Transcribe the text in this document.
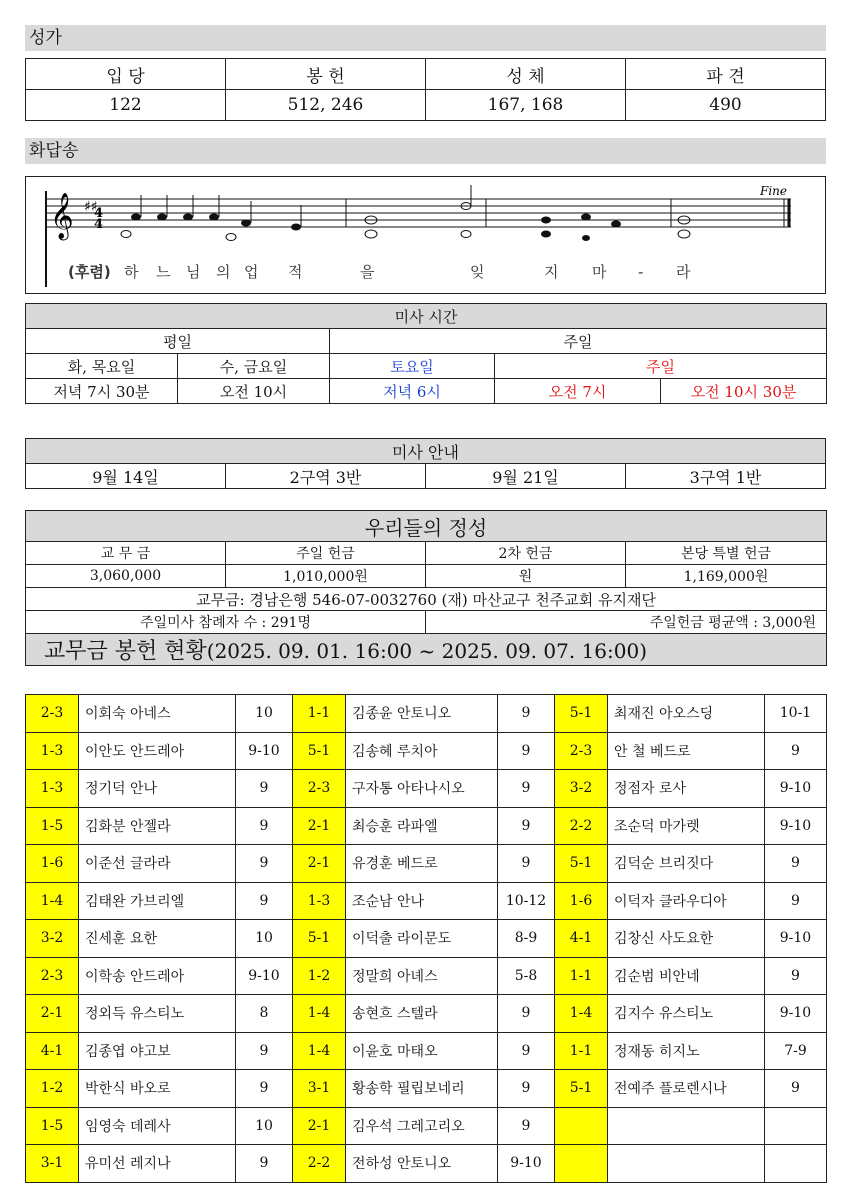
성가
입 당	봉 헌	성 체	파 견
122	512, 246	167, 168	490
화답송
𝄞 ♯♯
4
4
Fine
(후렴) 하 느 님 의 업 적	을	잊	지 마 - 라
미사 시간				
평일		주일		
화, 목요일	수, 금요일	토요일	주일	
저녁 7시 30분	오전 10시	저녁 6시	오전 7시	오전 10시 30분
미사 안내
9월 14일	2구역 3반	9월 21일	3구역 1반
우리들의 정성			
교 무 금	주일 헌금	2차 헌금	본당 특별 헌금
3,060,000	1,010,000원	원	1,169,000원
교무금: 경남은행 546-07-0032760 (재) 마산교구 천주교회 유지재단			
주일미사 참례자 수 : 291명		주일헌금 평균액 : 3,000원	
교무금 봉헌 현황(2025. 09. 01. 16:00 ~ 2025. 09. 07. 16:00)			
2-3	이회숙 아네스	10	1-1	김종윤 안토니오	9	5-1	최재진 아오스딩	10-1
1-3	이안도 안드레아	9-10	5-1	김송혜 루치아	9	2-3	안 철 베드로	9
1-3	정기덕 안나	9	2-3	구자통 아타나시오	9	3-2	정점자 로사	9-10
1-5	김화분 안젤라	9	2-1	최승훈 라파엘	9	2-2	조순덕 마가렛	9-10
1-6	이준선 글라라	9	2-1	유경훈 베드로	9	5-1	김덕순 브리짓다	9
1-4	김태완 가브리엘	9	1-3	조순남 안나	10-12	1-6	이덕자 클라우디아	9
3-2	진세훈 요한	10	5-1	이덕출 라이문도	8-9	4-1	김창신 사도요한	9-10
2-3	이학송 안드레아	9-10	1-2	정말희 아녜스	5-8	1-1	김순범 비안네	9
2-1	정외득 유스티노	8	1-4	송현흐 스텔라	9	1-4	김지수 유스티노	9-10
4-1	김종엽 야고보	9	1-4	이윤호 마태오	9	1-1	정재동 히지노	7-9
1-2	박한식 바오로	9	3-1	황송학 필립보네리	9	5-1	전예주 플로렌시나	9
1-5	임영숙 데레사	10	2-1	김우석 그레고리오	9			
3-1	유미선 레지나	9	2-2	전하성 안토니오	9-10			
